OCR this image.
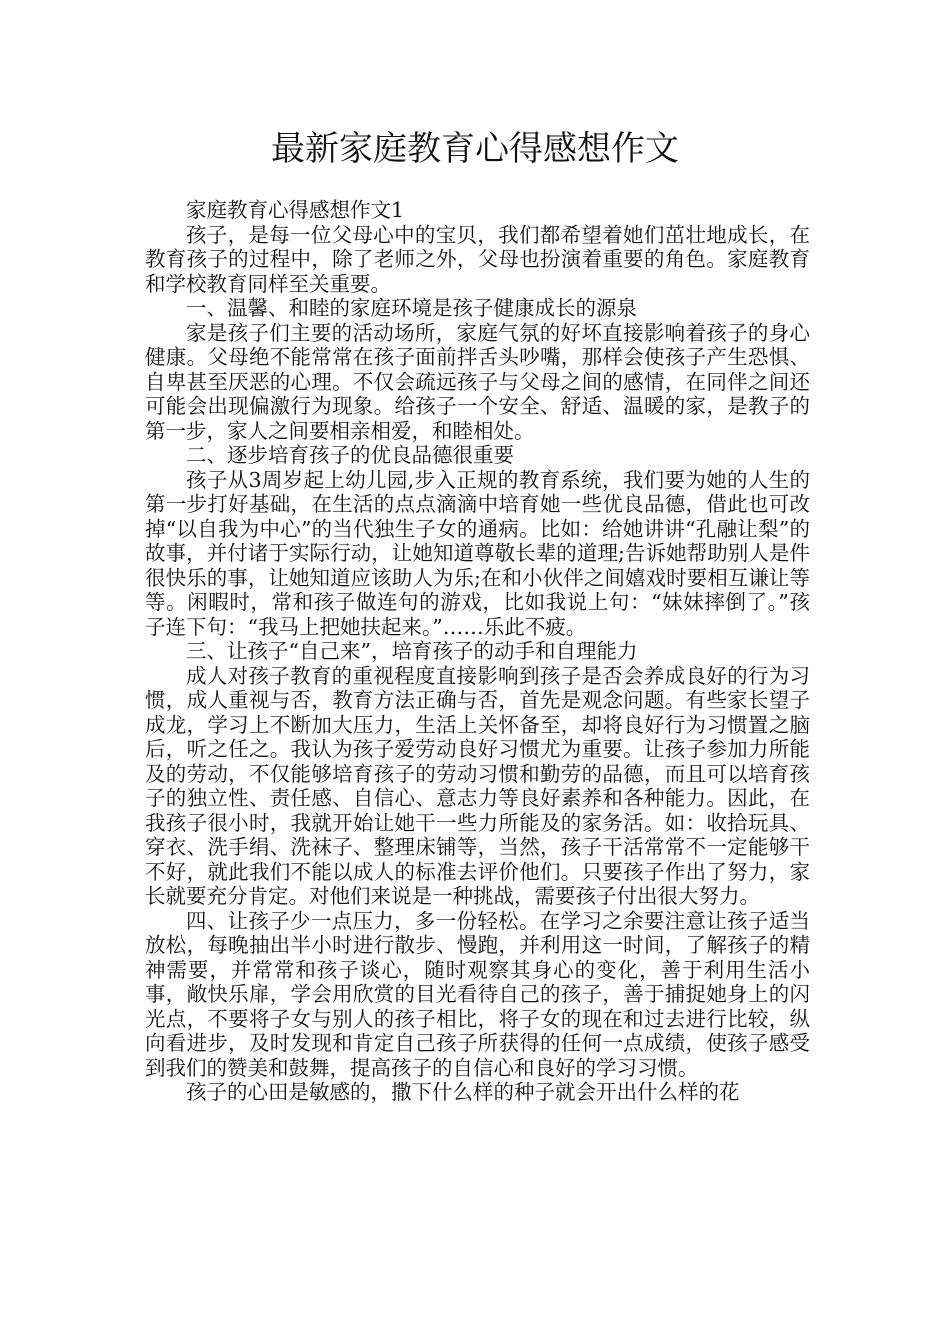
最新家庭教育心得感想作文

家庭教育心得感想作文1

孩子，是每一位父母心中的宝贝，我们都希望着她们茁壮地成长，在教育孩子的过程中，除了老师之外，父母也扮演着重要的角色。家庭教育和学校教育同样至关重要。

一、温馨、和睦的家庭环境是孩子健康成长的源泉

家是孩子们主要的活动场所，家庭气氛的好坏直接影响着孩子的身心健康。父母绝不能常常在孩子面前拌舌头吵嘴，那样会使孩子产生恐惧、自卑甚至厌恶的心理。不仅会疏远孩子与父母之间的感情，在同伴之间还可能会出现偏激行为现象。给孩子一个安全、舒适、温暖的家，是教子的第一步，家人之间要相亲相爱，和睦相处。

二、逐步培育孩子的优良品德很重要

孩子从3周岁起上幼儿园,步入正规的教育系统，我们要为她的人生的第一步打好基础，在生活的点点滴滴中培育她一些优良品德，借此也可改掉“以自我为中心”的当代独生子女的通病。比如：给她讲讲“孔融让梨”的故事，并付诸于实际行动，让她知道尊敬长辈的道理;告诉她帮助别人是件很快乐的事，让她知道应该助人为乐;在和小伙伴之间嬉戏时要相互谦让等等。闲暇时，常和孩子做连句的游戏，比如我说上句：“妹妹摔倒了。”孩子连下句：“我马上把她扶起来。”……乐此不疲。

三、让孩子“自己来”，培育孩子的动手和自理能力

成人对孩子教育的重视程度直接影响到孩子是否会养成良好的行为习惯，成人重视与否，教育方法正确与否，首先是观念问题。有些家长望子成龙，学习上不断加大压力，生活上关怀备至，却将良好行为习惯置之脑后，听之任之。我认为孩子爱劳动良好习惯尤为重要。让孩子参加力所能及的劳动，不仅能够培育孩子的劳动习惯和勤劳的品德，而且可以培育孩子的独立性、责任感、自信心、意志力等良好素养和各种能力。因此，在我孩子很小时，我就开始让她干一些力所能及的家务活。如：收拾玩具、穿衣、洗手绢、洗袜子、整理床铺等，当然，孩子干活常常不一定能够干不好，就此我们不能以成人的标准去评价他们。只要孩子作出了努力，家长就要充分肯定。对他们来说是一种挑战，需要孩子付出很大努力。

四、让孩子少一点压力，多一份轻松。在学习之余要注意让孩子适当放松，每晚抽出半小时进行散步、慢跑，并利用这一时间，了解孩子的精神需要，并常常和孩子谈心，随时观察其身心的变化，善于利用生活小事，敞快乐扉，学会用欣赏的目光看待自己的孩子，善于捕捉她身上的闪光点，不要将子女与别人的孩子相比，将子女的现在和过去进行比较，纵向看进步，及时发现和肯定自己孩子所获得的任何一点成绩，使孩子感受到我们的赞美和鼓舞，提高孩子的自信心和良好的学习习惯。

孩子的心田是敏感的，撒下什么样的种子就会开出什么样的花
